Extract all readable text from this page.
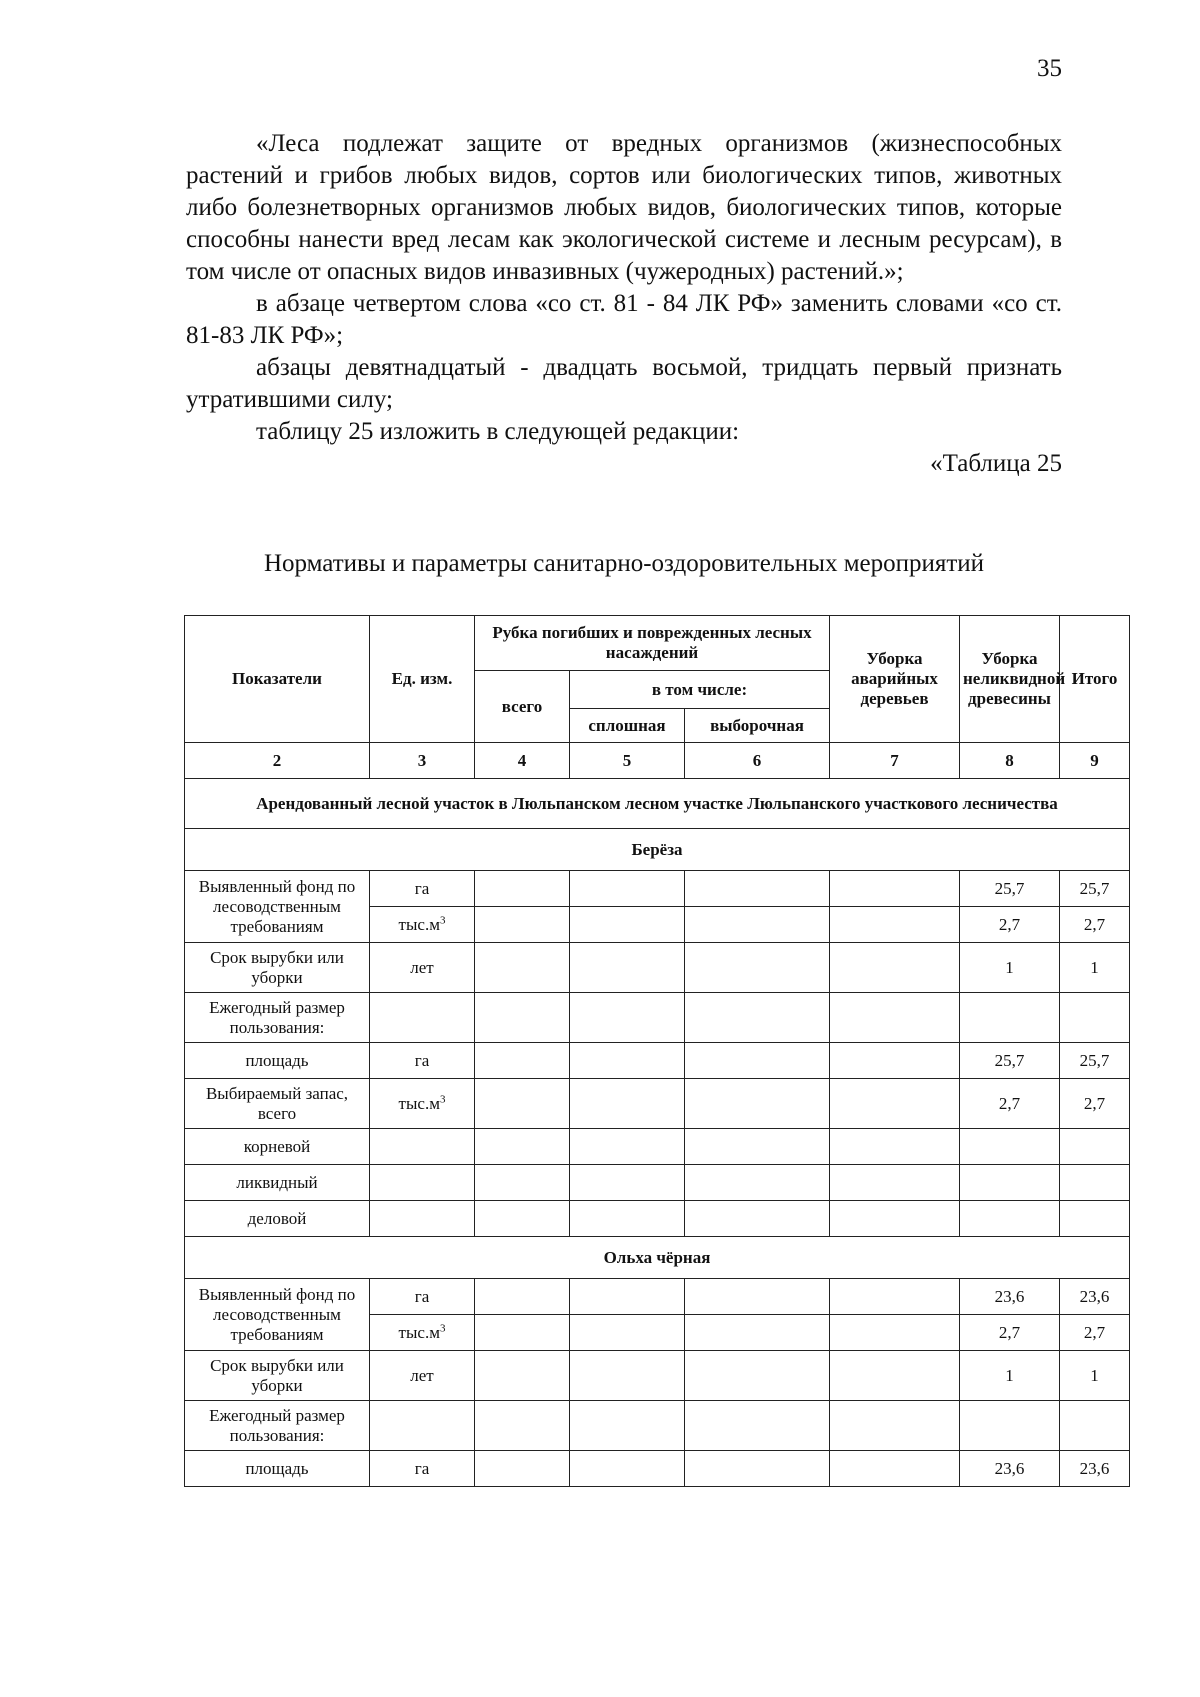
35

«Леса подлежат защите от вредных организмов (жизнеспособных растений и грибов любых видов, сортов или биологических типов, животных либо болезнетворных организмов любых видов, биологических типов, которые способны нанести вред лесам как экологической системе и лесным ресурсам), в том числе от опасных видов инвазивных (чужеродных) растений.»;

в абзаце четвертом слова «со ст. 81 - 84 ЛК РФ» заменить словами «со ст. 81-83 ЛК РФ»;

абзацы девятнадцатый - двадцать восьмой, тридцать первый признать утратившими силу;

таблицу 25 изложить в следующей редакции:

«Таблица 25

Нормативы и параметры санитарно-оздоровительных мероприятий
Показатели	Ед. изм.	Рубка погибших и поврежденных лесных насаждений			Уборка аварийных деревьев	Уборка неликвидной древесины	Итого
		всего	в том числе:				
			сплошная	выборочная			
2	3	4	5	6	7	8	9
Арендованный лесной участок в Люльпанском лесном участке Люльпанского участкового лесничества							
Берёза							
Выявленный фонд по лесоводственным требованиям	га					25,7	25,7
	$тыс.м^3$					2,7	2,7
Срок вырубки или уборки	лет					1	1
Ежегодный размер пользования:							
площадь	га					25,7	25,7
Выбираемый запас, всего	$тыс.м^3$					2,7	2,7
корневой							
ликвидный							
деловой							
Ольха чёрная							
Выявленный фонд по лесоводственным требованиям	га					23,6	23,6
	$тыс.м^3$					2,7	2,7
Срок вырубки или уборки	лет					1	1
Ежегодный размер пользования:							
площадь	га					23,6	23,6
